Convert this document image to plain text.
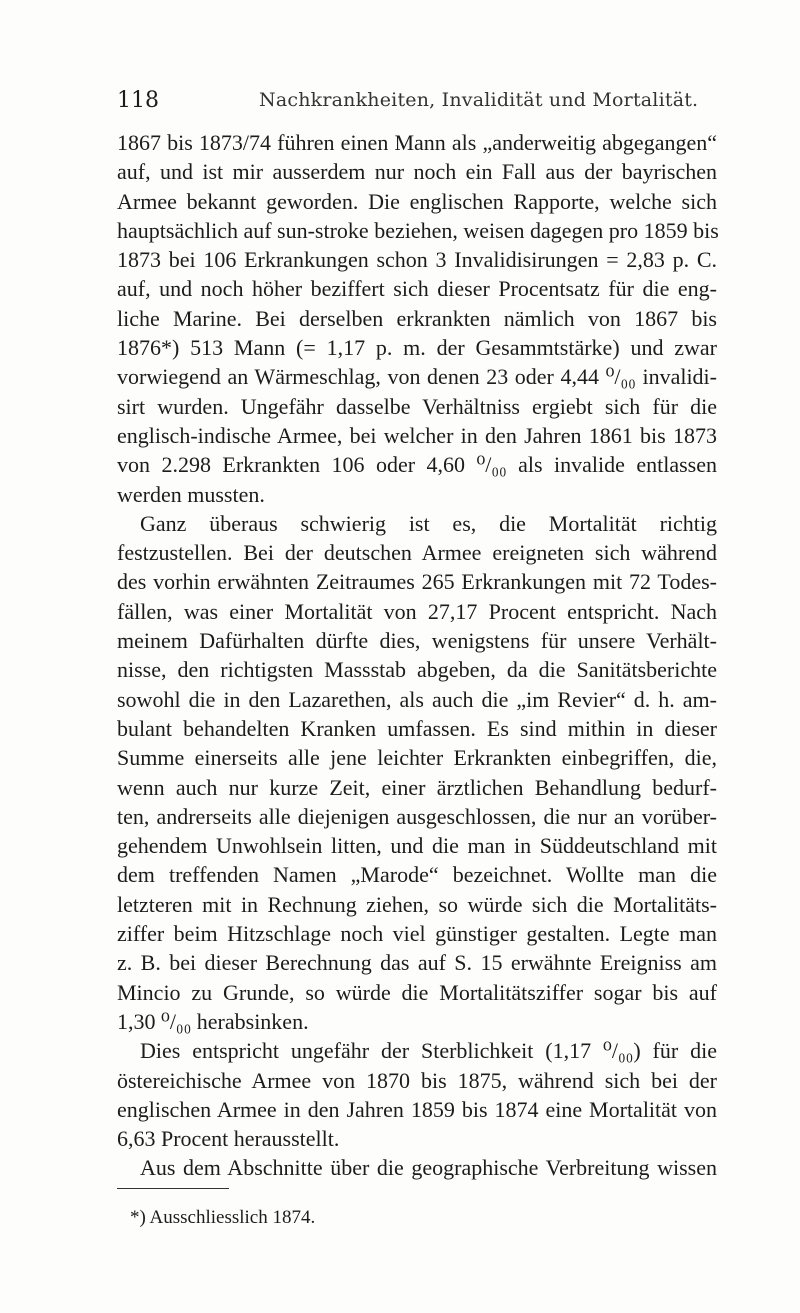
118	Nachkrankheiten, Invalidität und Mortalität.
1867 bis 1873/74 führen einen Mann als „anderweitig abgegangen“
auf, und ist mir ausserdem nur noch ein Fall aus der bayrischen
Armee bekannt geworden. Die englischen Rapporte, welche sich
hauptsächlich auf sun-stroke beziehen, weisen dagegen pro 1859 bis
1873 bei 106 Erkrankungen schon 3 Invalidisirungen = 2,83 p. C.
auf, und noch höher beziffert sich dieser Procentsatz für die eng-
liche Marine. Bei derselben erkrankten nämlich von 1867 bis
1876*) 513 Mann (= 1,17 p. m. der Gesammtstärke) und zwar
vorwiegend an Wärmeschlag, von denen 23 oder 4,44 ⁰/₀₀ invalidi-
sirt wurden. Ungefähr dasselbe Verhältniss ergiebt sich für die
englisch-indische Armee, bei welcher in den Jahren 1861 bis 1873
von 2.298 Erkrankten 106 oder 4,60 ⁰/₀₀ als invalide entlassen
werden mussten.
Ganz überaus schwierig ist es, die Mortalität richtig
festzustellen. Bei der deutschen Armee ereigneten sich während
des vorhin erwähnten Zeitraumes 265 Erkrankungen mit 72 Todes-
fällen, was einer Mortalität von 27,17 Procent entspricht. Nach
meinem Dafürhalten dürfte dies, wenigstens für unsere Verhält-
nisse, den richtigsten Massstab abgeben, da die Sanitätsberichte
sowohl die in den Lazarethen, als auch die „im Revier“ d. h. am-
bulant behandelten Kranken umfassen. Es sind mithin in dieser
Summe einerseits alle jene leichter Erkrankten einbegriffen, die,
wenn auch nur kurze Zeit, einer ärztlichen Behandlung bedurf-
ten, andrerseits alle diejenigen ausgeschlossen, die nur an vorüber-
gehendem Unwohlsein litten, und die man in Süddeutschland mit
dem treffenden Namen „Marode“ bezeichnet. Wollte man die
letzteren mit in Rechnung ziehen, so würde sich die Mortalitäts-
ziffer beim Hitzschlage noch viel günstiger gestalten. Legte man
z. B. bei dieser Berechnung das auf S. 15 erwähnte Ereigniss am
Mincio zu Grunde, so würde die Mortalitätsziffer sogar bis auf
1,30 ⁰/₀₀ herabsinken.
Dies entspricht ungefähr der Sterblichkeit (1,17 ⁰/₀₀) für die
östereichische Armee von 1870 bis 1875, während sich bei der
englischen Armee in den Jahren 1859 bis 1874 eine Mortalität von
6,63 Procent herausstellt.
Aus dem Abschnitte über die geographische Verbreitung wissen
*) Ausschliesslich 1874.
